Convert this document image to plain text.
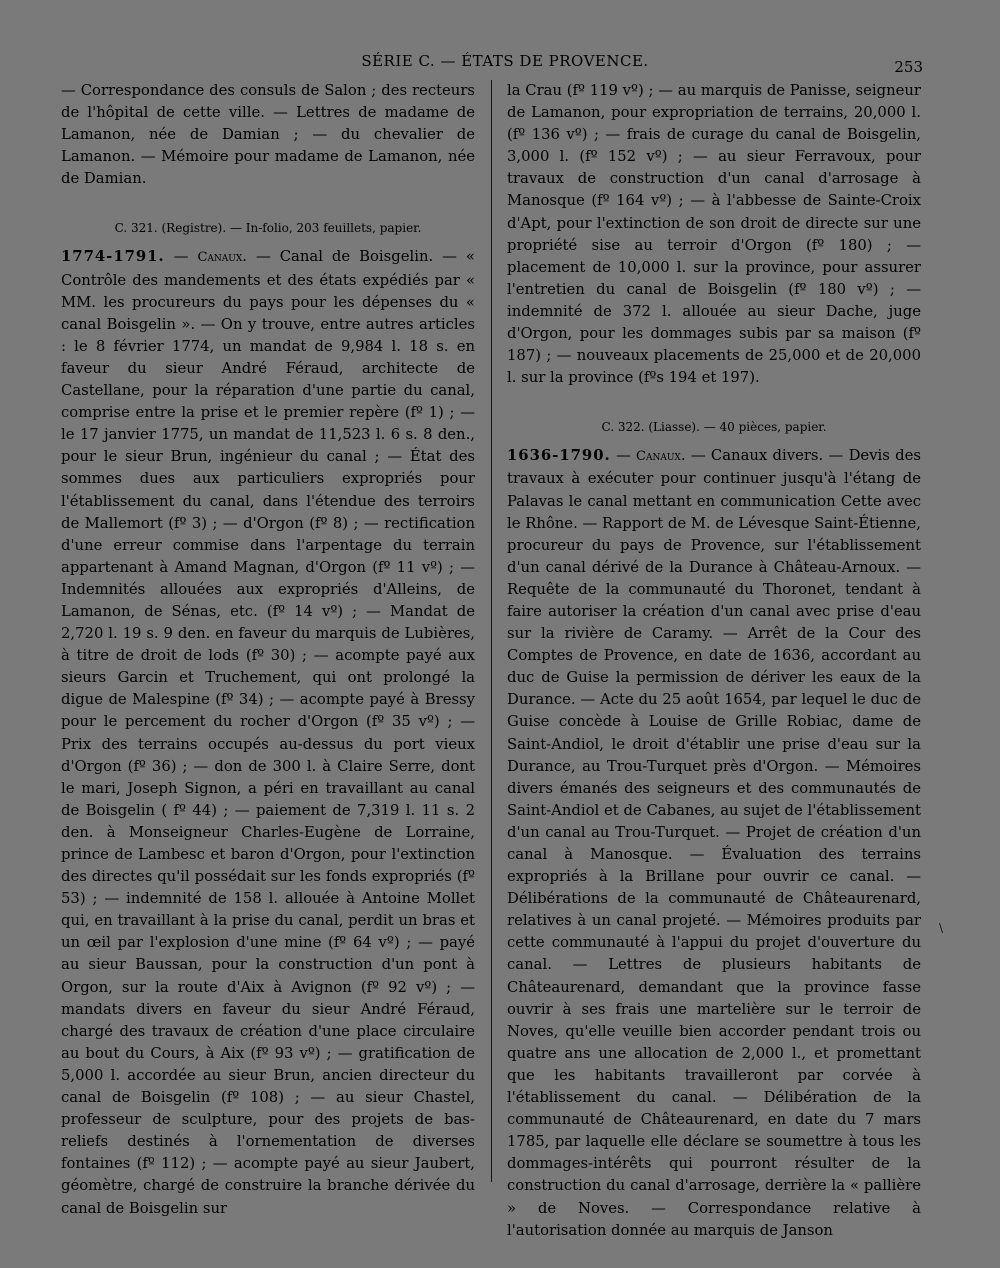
SÉRIE C. — ÉTATS DE PROVENCE.	253

— Correspondance des consuls de Salon ; des recteurs de l'hôpital de cette ville. — Lettres de madame de Lamanon, née de Damian ; — du chevalier de Lamanon. — Mémoire pour madame de Lamanon, née de Damian.

C. 321. (Registre). — In-folio, 203 feuillets, papier.

1774-1791. — Canaux. — Canal de Boisgelin. — « Contrôle des mandements et des états expédiés par « MM. les procureurs du pays pour les dépenses du « canal Boisgelin ». — On y trouve, entre autres articles : le 8 février 1774, un mandat de 9,984 l. 18 s. en faveur du sieur André Féraud, architecte de Castellane, pour la réparation d'une partie du canal, comprise entre la prise et le premier repère (fº 1) ; — le 17 janvier 1775, un mandat de 11,523 l. 6 s. 8 den., pour le sieur Brun, ingénieur du canal ; — État des sommes dues aux particuliers expropriés pour l'établissement du canal, dans l'étendue des terroirs de Mallemort (fº 3) ; — d'Orgon (fº 8) ; — rectification d'une erreur commise dans l'arpentage du terrain appartenant à Amand Magnan, d'Orgon (fº 11 vº) ; — Indemnités allouées aux expropriés d'Alleins, de Lamanon, de Sénas, etc. (fº 14 vº) ; — Mandat de 2,720 l. 19 s. 9 den. en faveur du marquis de Lubières, à titre de droit de lods (fº 30) ; — acompte payé aux sieurs Garcin et Truchement, qui ont prolongé la digue de Malespine (fº 34) ; — acompte payé à Bressy pour le percement du rocher d'Orgon (fº 35 vº) ; — Prix des terrains occupés au-dessus du port vieux d'Orgon (fº 36) ; — don de 300 l. à Claire Serre, dont le mari, Joseph Signon, a péri en travaillant au canal de Boisgelin ( fº 44) ; — paiement de 7,319 l. 11 s. 2 den. à Monseigneur Charles-Eugène de Lorraine, prince de Lambesc et baron d'Orgon, pour l'extinction des directes qu'il possédait sur les fonds expropriés (fº 53) ; — indemnité de 158 l. allouée à Antoine Mollet qui, en travaillant à la prise du canal, perdit un bras et un œil par l'explosion d'une mine (fº 64 vº) ; — payé au sieur Baussan, pour la construction d'un pont à Orgon, sur la route d'Aix à Avignon (fº 92 vº) ; — mandats divers en faveur du sieur André Féraud, chargé des travaux de création d'une place circulaire au bout du Cours, à Aix (fº 93 vº) ; — gratification de 5,000 l. accordée au sieur Brun, ancien directeur du canal de Boisgelin (fº 108) ; — au sieur Chastel, professeur de sculpture, pour des projets de bas-reliefs destinés à l'ornementation de diverses fontaines (fº 112) ; — acompte payé au sieur Jaubert, géomètre, chargé de construire la branche dérivée du canal de Boisgelin sur

la Crau (fº 119 vº) ; — au marquis de Panisse, seigneur de Lamanon, pour expropriation de terrains, 20,000 l. (fº 136 vº) ; — frais de curage du canal de Boisgelin, 3,000 l. (fº 152 vº) ; — au sieur Ferravoux, pour travaux de construction d'un canal d'arrosage à Manosque (fº 164 vº) ; — à l'abbesse de Sainte-Croix d'Apt, pour l'extinction de son droit de directe sur une propriété sise au terroir d'Orgon (fº 180) ; — placement de 10,000 l. sur la province, pour assurer l'entretien du canal de Boisgelin (fº 180 vº) ; — indemnité de 372 l. allouée au sieur Dache, juge d'Orgon, pour les dommages subis par sa maison (fº 187) ; — nouveaux placements de 25,000 et de 20,000 l. sur la province (fºs 194 et 197).

C. 322. (Liasse). — 40 pièces, papier.

1636-1790. — Canaux. — Canaux divers. — Devis des travaux à exécuter pour continuer jusqu'à l'étang de Palavas le canal mettant en communication Cette avec le Rhône. — Rapport de M. de Lévesque Saint-Étienne, procureur du pays de Provence, sur l'établissement d'un canal dérivé de la Durance à Château-Arnoux. — Requête de la communauté du Thoronet, tendant à faire autoriser la création d'un canal avec prise d'eau sur la rivière de Caramy. — Arrêt de la Cour des Comptes de Provence, en date de 1636, accordant au duc de Guise la permission de dériver les eaux de la Durance. — Acte du 25 août 1654, par lequel le duc de Guise concède à Louise de Grille Robiac, dame de Saint-Andiol, le droit d'établir une prise d'eau sur la Durance, au Trou-Turquet près d'Orgon. — Mémoires divers émanés des seigneurs et des communautés de Saint-Andiol et de Cabanes, au sujet de l'établissement d'un canal au Trou-Turquet. — Projet de création d'un canal à Manosque. — Évaluation des terrains expropriés à la Brillane pour ouvrir ce canal. — Délibérations de la communauté de Châteaurenard, relatives à un canal projeté. — Mémoires produits par cette communauté à l'appui du projet d'ouverture du canal. — Lettres de plusieurs habitants de Châteaurenard, demandant que la province fasse ouvrir à ses frais une martelière sur le terroir de Noves, qu'elle veuille bien accorder pendant trois ou quatre ans une allocation de 2,000 l., et promettant que les habitants travailleront par corvée à l'établissement du canal. — Délibération de la communauté de Châteaurenard, en date du 7 mars 1785, par laquelle elle déclare se soumettre à tous les dommages-intérêts qui pourront résulter de la construction du canal d'arrosage, derrière la « pallière » de Noves. — Correspondance relative à l'autorisation donnée au marquis de Janson

\
